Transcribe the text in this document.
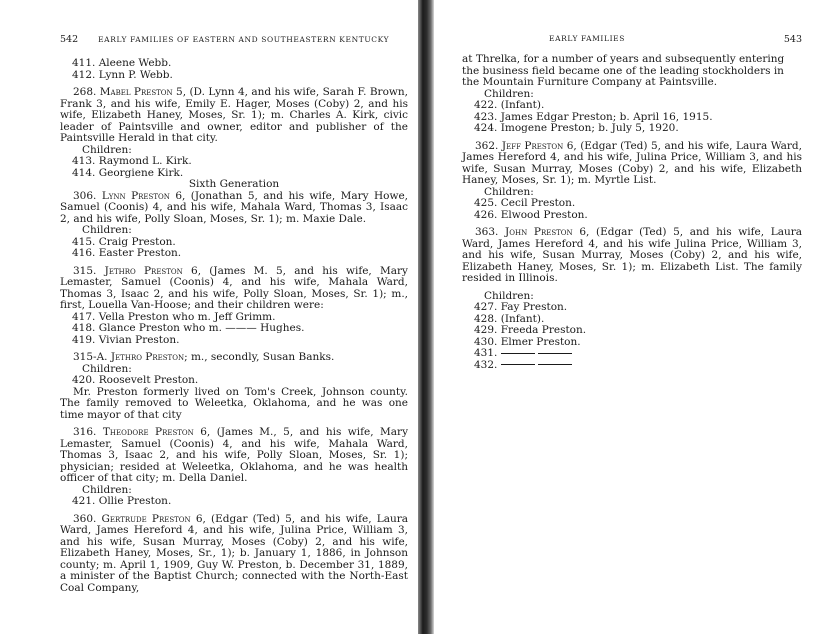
542	EARLY FAMILIES OF EASTERN AND SOUTHEASTERN KENTUCKY

411. Aleene Webb.

412. Lynn P. Webb.

268. Mabel Preston 5, (D. Lynn 4, and his wife, Sarah F. Brown, Frank 3, and his wife, Emily E. Hager, Moses (Coby) 2, and his wife, Elizabeth Haney, Moses, Sr. 1); m. Charles A. Kirk, civic leader of Paintsville and owner, editor and publisher of the Paintsville Herald in that city.

Children:

413. Raymond L. Kirk.

414. Georgiene Kirk.

Sixth Generation

306. Lynn Preston 6, (Jonathan 5, and his wife, Mary Howe, Samuel (Coonis) 4, and his wife, Mahala Ward, Thomas 3, Isaac 2, and his wife, Polly Sloan, Moses, Sr. 1); m. Maxie Dale.

Children:

415. Craig Preston.

416. Easter Preston.

315. Jethro Preston 6, (James M. 5, and his wife, Mary Lemaster, Samuel (Coonis) 4, and his wife, Mahala Ward, Thomas 3, Isaac 2, and his wife, Polly Sloan, Moses, Sr. 1); m., first, Louella Van-Hoose; and their children were:

417. Vella Preston who m. Jeff Grimm.

418. Glance Preston who m. ——— Hughes.

419. Vivian Preston.

315-A. Jethro Preston; m., secondly, Susan Banks.

Children:

420. Roosevelt Preston.

Mr. Preston formerly lived on Tom's Creek, Johnson county. The family removed to Weleetka, Oklahoma, and he was one time mayor of that city

316. Theodore Preston 6, (James M., 5, and his wife, Mary Lemaster, Samuel (Coonis) 4, and his wife, Mahala Ward, Thomas 3, Isaac 2, and his wife, Polly Sloan, Moses, Sr. 1); physician; resided at Weleetka, Oklahoma, and he was health officer of that city; m. Della Daniel.

Children:

421. Ollie Preston.

360. Gertrude Preston 6, (Edgar (Ted) 5, and his wife, Laura Ward, James Hereford 4, and his wife, Julina Price, William 3, and his wife, Susan Murray, Moses (Coby) 2, and his wife, Elizabeth Haney, Moses, Sr., 1); b. January 1, 1886, in Johnson county; m. April 1, 1909, Guy W. Preston, b. December 31, 1889, a minister of the Baptist Church; connected with the North-East Coal Company,

EARLY FAMILIES	543

at Threlka, for a number of years and subsequently entering the business field became one of the leading stockholders in the Mountain Furniture Company at Paintsville.

Children:

422. (Infant).

423. James Edgar Preston; b. April 16, 1915.

424. Imogene Preston; b. July 5, 1920.

362. Jeff Preston 6, (Edgar (Ted) 5, and his wife, Laura Ward, James Hereford 4, and his wife, Julina Price, William 3, and his wife, Susan Murray, Moses (Coby) 2, and his wife, Elizabeth Haney, Moses, Sr. 1); m. Myrtle List.

Children:

425. Cecil Preston.

426. Elwood Preston.

363. John Preston 6, (Edgar (Ted) 5, and his wife, Laura Ward, James Hereford 4, and his wife Julina Price, William 3, and his wife, Susan Murray, Moses (Coby) 2, and his wife, Elizabeth Haney, Moses, Sr. 1); m. Elizabeth List. The family resided in Illinois.

Children:

427. Fay Preston.

428. (Infant).

429. Freeda Preston.

430. Elmer Preston.

431.

432.
